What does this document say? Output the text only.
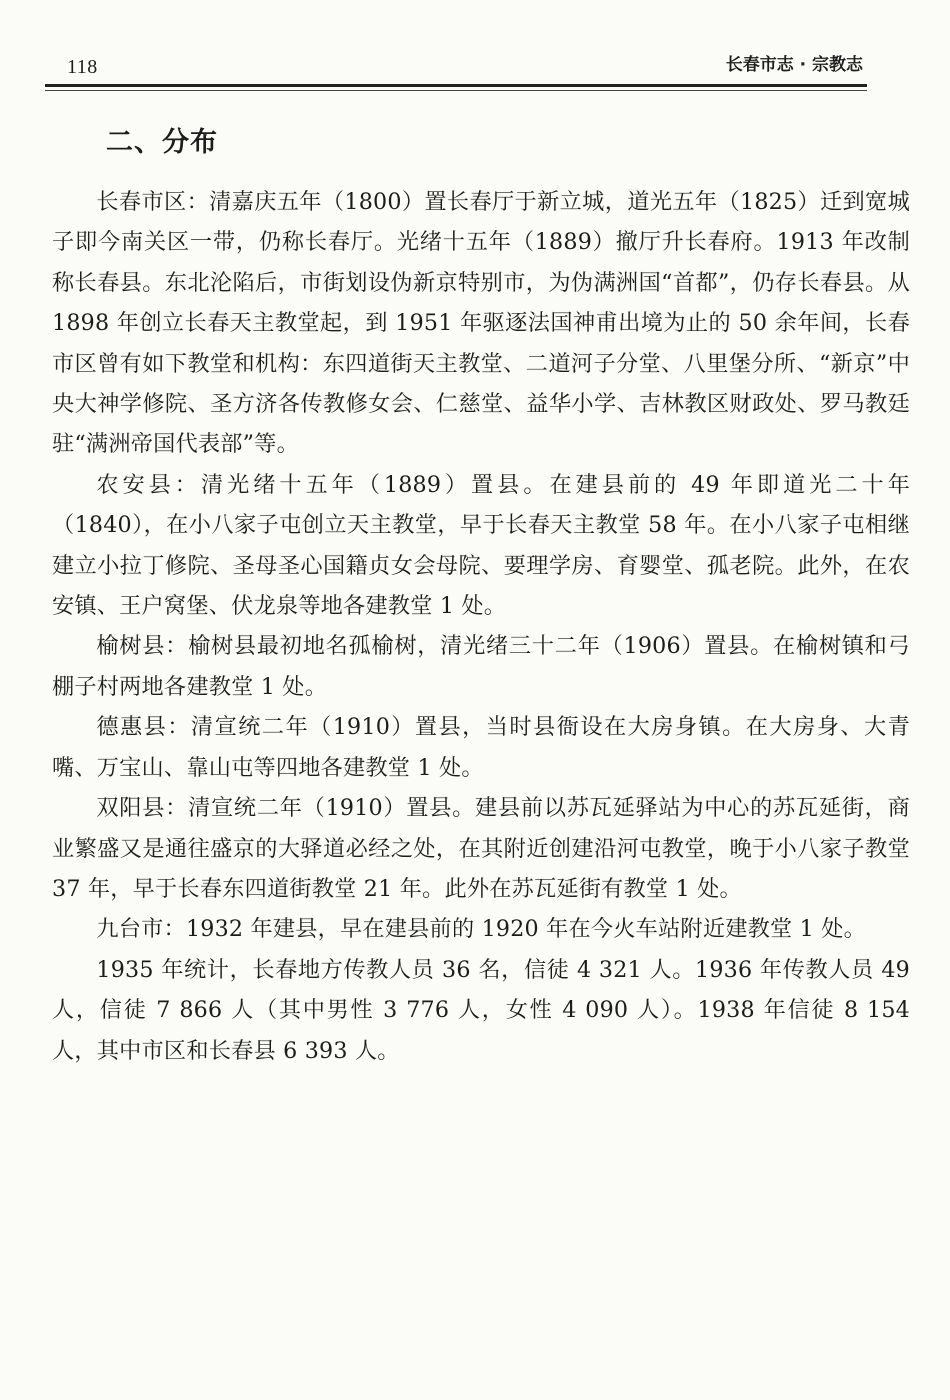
118	长春市志 · 宗教志
二、分布

长春市区：清嘉庆五年（1800）置长春厅于新立城，道光五年（1825）迁到宽城子即今南关区一带，仍称长春厅。光绪十五年（1889）撤厅升长春府。1913 年改制称长春县。东北沦陷后，市街划设伪新京特别市，为伪满洲国“首都”，仍存长春县。从 1898 年创立长春天主教堂起，到 1951 年驱逐法国神甫出境为止的 50 余年间，长春市区曾有如下教堂和机构：东四道街天主教堂、二道河子分堂、八里堡分所、“新京”中央大神学修院、圣方济各传教修女会、仁慈堂、益华小学、吉林教区财政处、罗马教廷驻“满洲帝国代表部”等。

农安县：清光绪十五年（1889）置县。在建县前的 49 年即道光二十年（1840），在小八家子屯创立天主教堂，早于长春天主教堂 58 年。在小八家子屯相继建立小拉丁修院、圣母圣心国籍贞女会母院、要理学房、育婴堂、孤老院。此外，在农安镇、王户窝堡、伏龙泉等地各建教堂 1 处。

榆树县：榆树县最初地名孤榆树，清光绪三十二年（1906）置县。在榆树镇和弓棚子村两地各建教堂 1 处。

德惠县：清宣统二年（1910）置县，当时县衙设在大房身镇。在大房身、大青嘴、万宝山、靠山屯等四地各建教堂 1 处。

双阳县：清宣统二年（1910）置县。建县前以苏瓦延驿站为中心的苏瓦延街，商业繁盛又是通往盛京的大驿道必经之处，在其附近创建沿河屯教堂，晚于小八家子教堂 37 年，早于长春东四道街教堂 21 年。此外在苏瓦延街有教堂 1 处。

九台市：1932 年建县，早在建县前的 1920 年在今火车站附近建教堂 1 处。

1935 年统计，长春地方传教人员 36 名，信徒 4 321 人。1936 年传教人员 49 人，信徒 7 866 人（其中男性 3 776 人，女性 4 090 人）。1938 年信徒 8 154 人，其中市区和长春县 6 393 人。
